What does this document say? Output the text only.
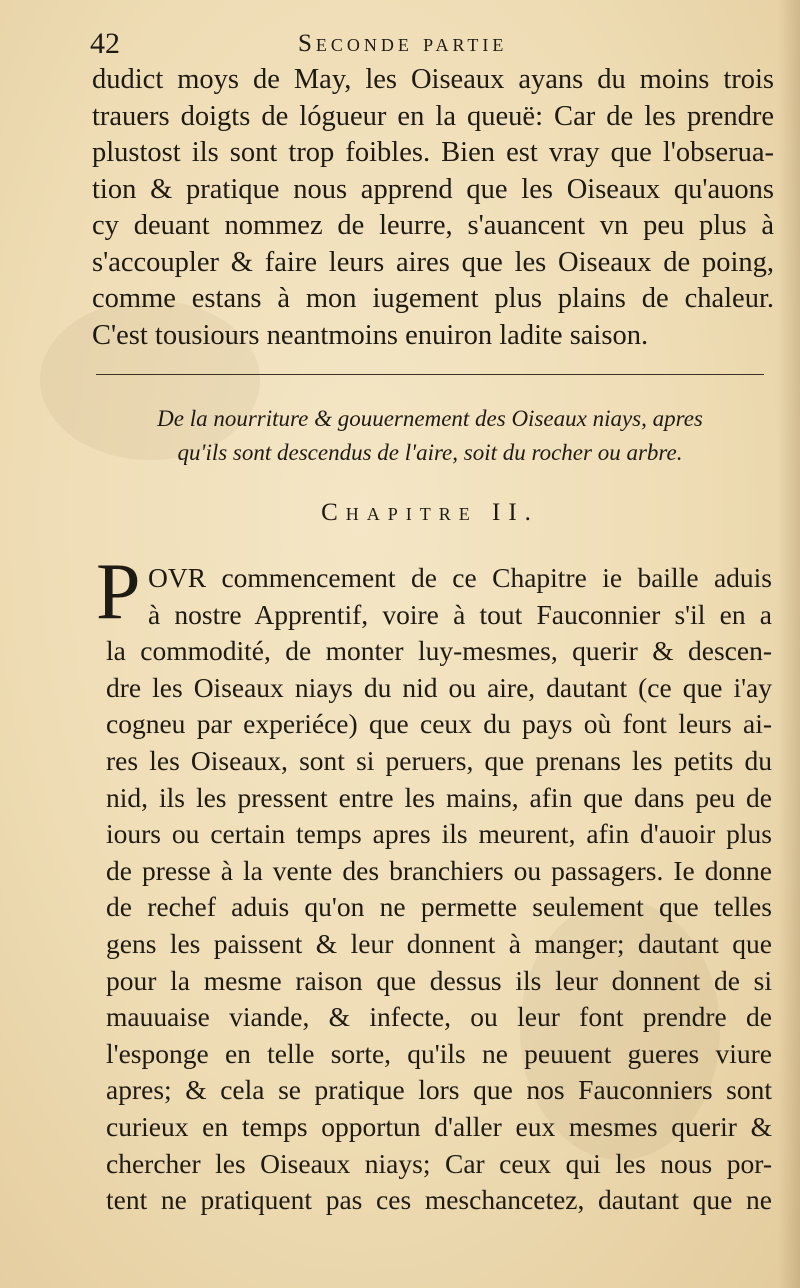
42	Seconde partie
dudict moys de May, les Oiseaux ayans du moins trois
trauers doigts de lógueur en la queuë: Car de les prendre
plustost ils sont trop foibles. Bien est vray que l'obserua-
tion & pratique nous apprend que les Oiseaux qu'auons
cy deuant nommez de leurre, s'auancent vn peu plus à
s'accoupler & faire leurs aires que les Oiseaux de poing,
comme estans à mon iugement plus plains de chaleur.
C'est tousiours neantmoins enuiron ladite saison.
De la nourriture & gouuernement des Oiseaux niays, apres
qu'ils sont descendus de l'aire, soit du rocher ou arbre.
Chapitre II.
P OVR commencement de ce Chapitre ie baille aduis
à nostre Apprentif, voire à tout Fauconnier s'il en a
la commodité, de monter luy-mesmes, querir & descen-
dre les Oiseaux niays du nid ou aire, dautant (ce que i'ay
cogneu par experiéce) que ceux du pays où font leurs ai-
res les Oiseaux, sont si peruers, que prenans les petits du
nid, ils les pressent entre les mains, afin que dans peu de
iours ou certain temps apres ils meurent, afin d'auoir plus
de presse à la vente des branchiers ou passagers. Ie donne
de rechef aduis qu'on ne permette seulement que telles
gens les paissent & leur donnent à manger; dautant que
pour la mesme raison que dessus ils leur donnent de si
mauuaise viande, & infecte, ou leur font prendre de
l'esponge en telle sorte, qu'ils ne peuuent gueres viure
apres; & cela se pratique lors que nos Fauconniers sont
curieux en temps opportun d'aller eux mesmes querir &
chercher les Oiseaux niays; Car ceux qui les nous por-
tent ne pratiquent pas ces meschancetez, dautant que ne
